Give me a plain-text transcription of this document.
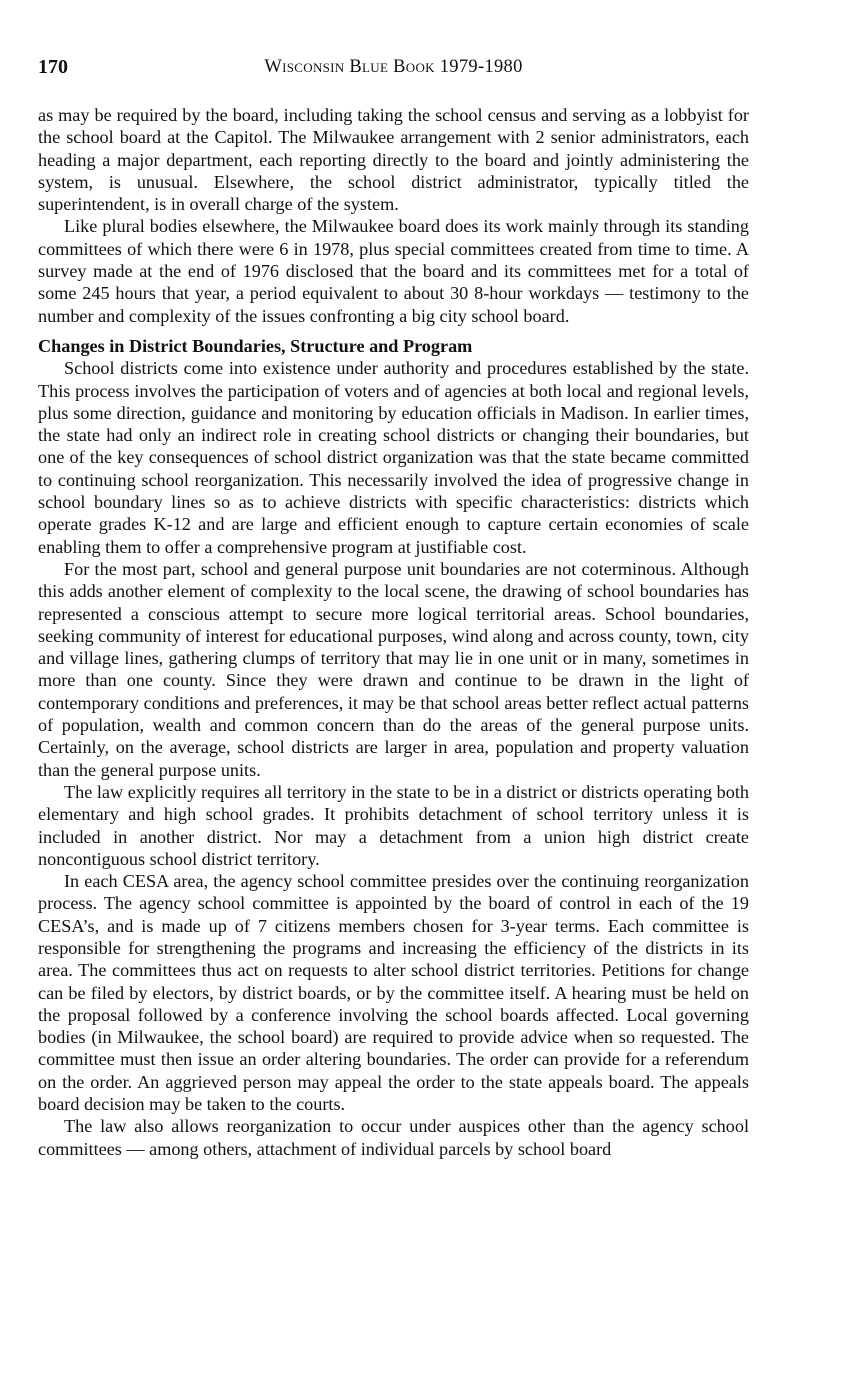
170	Wisconsin Blue Book 1979-1980

as may be required by the board, including taking the school census and serving as a lobbyist for the school board at the Capitol. The Milwaukee arrangement with 2 senior administrators, each heading a major department, each reporting directly to the board and jointly administering the system, is unusual. Elsewhere, the school district administrator, typically titled the superintendent, is in overall charge of the system.

Like plural bodies elsewhere, the Milwaukee board does its work mainly through its standing committees of which there were 6 in 1978, plus special committees created from time to time. A survey made at the end of 1976 disclosed that the board and its committees met for a total of some 245 hours that year, a period equivalent to about 30 8-hour workdays — testimony to the number and complexity of the issues confronting a big city school board.

Changes in District Boundaries, Structure and Program

School districts come into existence under authority and procedures established by the state. This process involves the participation of voters and of agencies at both local and regional levels, plus some direction, guidance and monitoring by education officials in Madison. In earlier times, the state had only an indirect role in creating school districts or changing their boundaries, but one of the key consequences of school district organization was that the state became committed to continuing school reorganization. This necessarily involved the idea of progressive change in school boundary lines so as to achieve districts with specific characteristics: districts which operate grades K-12 and are large and efficient enough to capture certain economies of scale enabling them to offer a comprehensive program at justifiable cost.

For the most part, school and general purpose unit boundaries are not coterminous. Although this adds another element of complexity to the local scene, the drawing of school boundaries has represented a conscious attempt to secure more logical territorial areas. School boundaries, seeking community of interest for educational purposes, wind along and across county, town, city and village lines, gathering clumps of territory that may lie in one unit or in many, sometimes in more than one county. Since they were drawn and continue to be drawn in the light of contemporary conditions and preferences, it may be that school areas better reflect actual patterns of population, wealth and common concern than do the areas of the general purpose units. Certainly, on the average, school districts are larger in area, population and property valuation than the general purpose units.

The law explicitly requires all territory in the state to be in a district or districts operating both elementary and high school grades. It prohibits detachment of school territory unless it is included in another district. Nor may a detachment from a union high district create noncontiguous school district territory.

In each CESA area, the agency school committee presides over the continuing reorganization process. The agency school committee is appointed by the board of control in each of the 19 CESA’s, and is made up of 7 citizens members chosen for 3-year terms. Each committee is responsible for strengthening the programs and increasing the efficiency of the districts in its area. The committees thus act on requests to alter school district territories. Petitions for change can be filed by electors, by district boards, or by the committee itself. A hearing must be held on the proposal followed by a conference involving the school boards affected. Local governing bodies (in Milwaukee, the school board) are required to provide advice when so requested. The committee must then issue an order altering boundaries. The order can provide for a referendum on the order. An aggrieved person may appeal the order to the state appeals board. The appeals board decision may be taken to the courts.

The law also allows reorganization to occur under auspices other than the agency school committees — among others, attachment of individual parcels by school board
